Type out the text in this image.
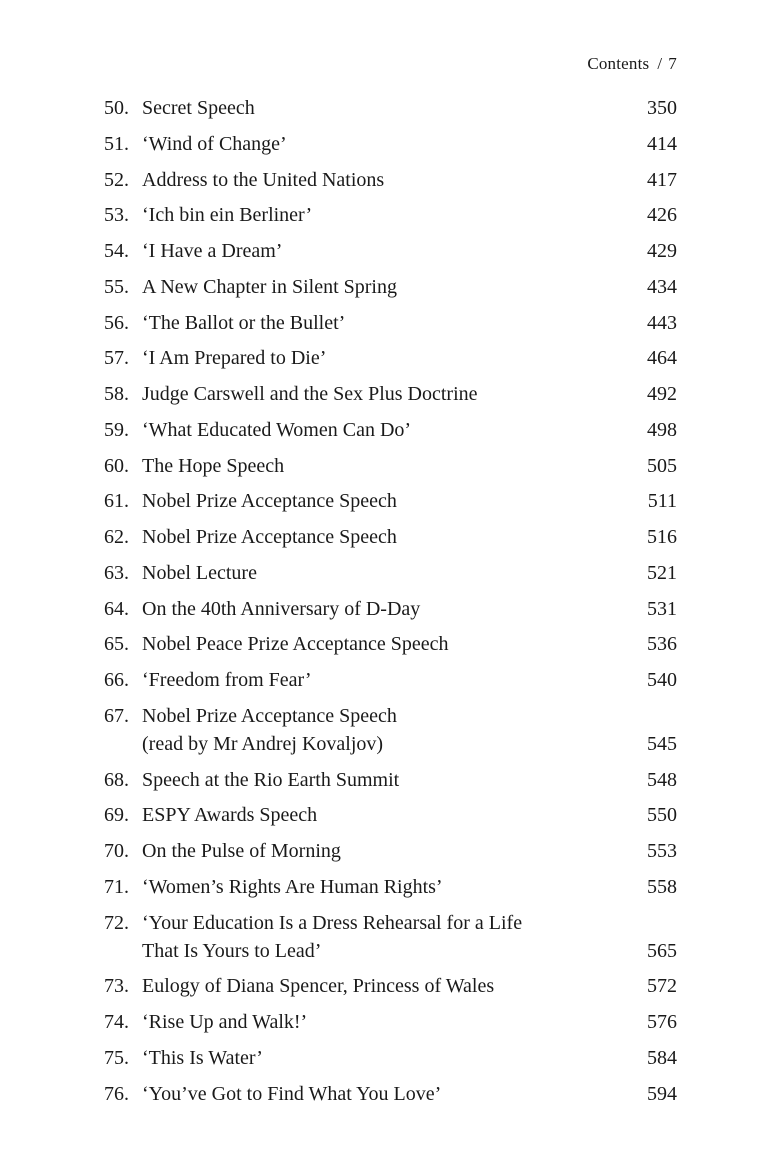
Contents / 7
50. Secret Speech	350
51. ‘Wind of Change’	414
52. Address to the United Nations	417
53. ‘Ich bin ein Berliner’	426
54. ‘I Have a Dream’	429
55. A New Chapter in Silent Spring	434
56. ‘The Ballot or the Bullet’	443
57. ‘I Am Prepared to Die’	464
58. Judge Carswell and the Sex Plus Doctrine	492
59. ‘What Educated Women Can Do’	498
60. The Hope Speech	505
61. Nobel Prize Acceptance Speech	511
62. Nobel Prize Acceptance Speech	516
63. Nobel Lecture	521
64. On the 40th Anniversary of D-Day	531
65. Nobel Peace Prize Acceptance Speech	536
66. ‘Freedom from Fear’	540
67. Nobel Prize Acceptance Speech
(read by Mr Andrej Kovaljov)	545
68. Speech at the Rio Earth Summit	548
69. ESPY Awards Speech	550
70. On the Pulse of Morning	553
71. ‘Women’s Rights Are Human Rights’	558
72. ‘Your Education Is a Dress Rehearsal for a Life
That Is Yours to Lead’	565
73. Eulogy of Diana Spencer, Princess of Wales	572
74. ‘Rise Up and Walk!’	576
75. ‘This Is Water’	584
76. ‘You’ve Got to Find What You Love’	594
